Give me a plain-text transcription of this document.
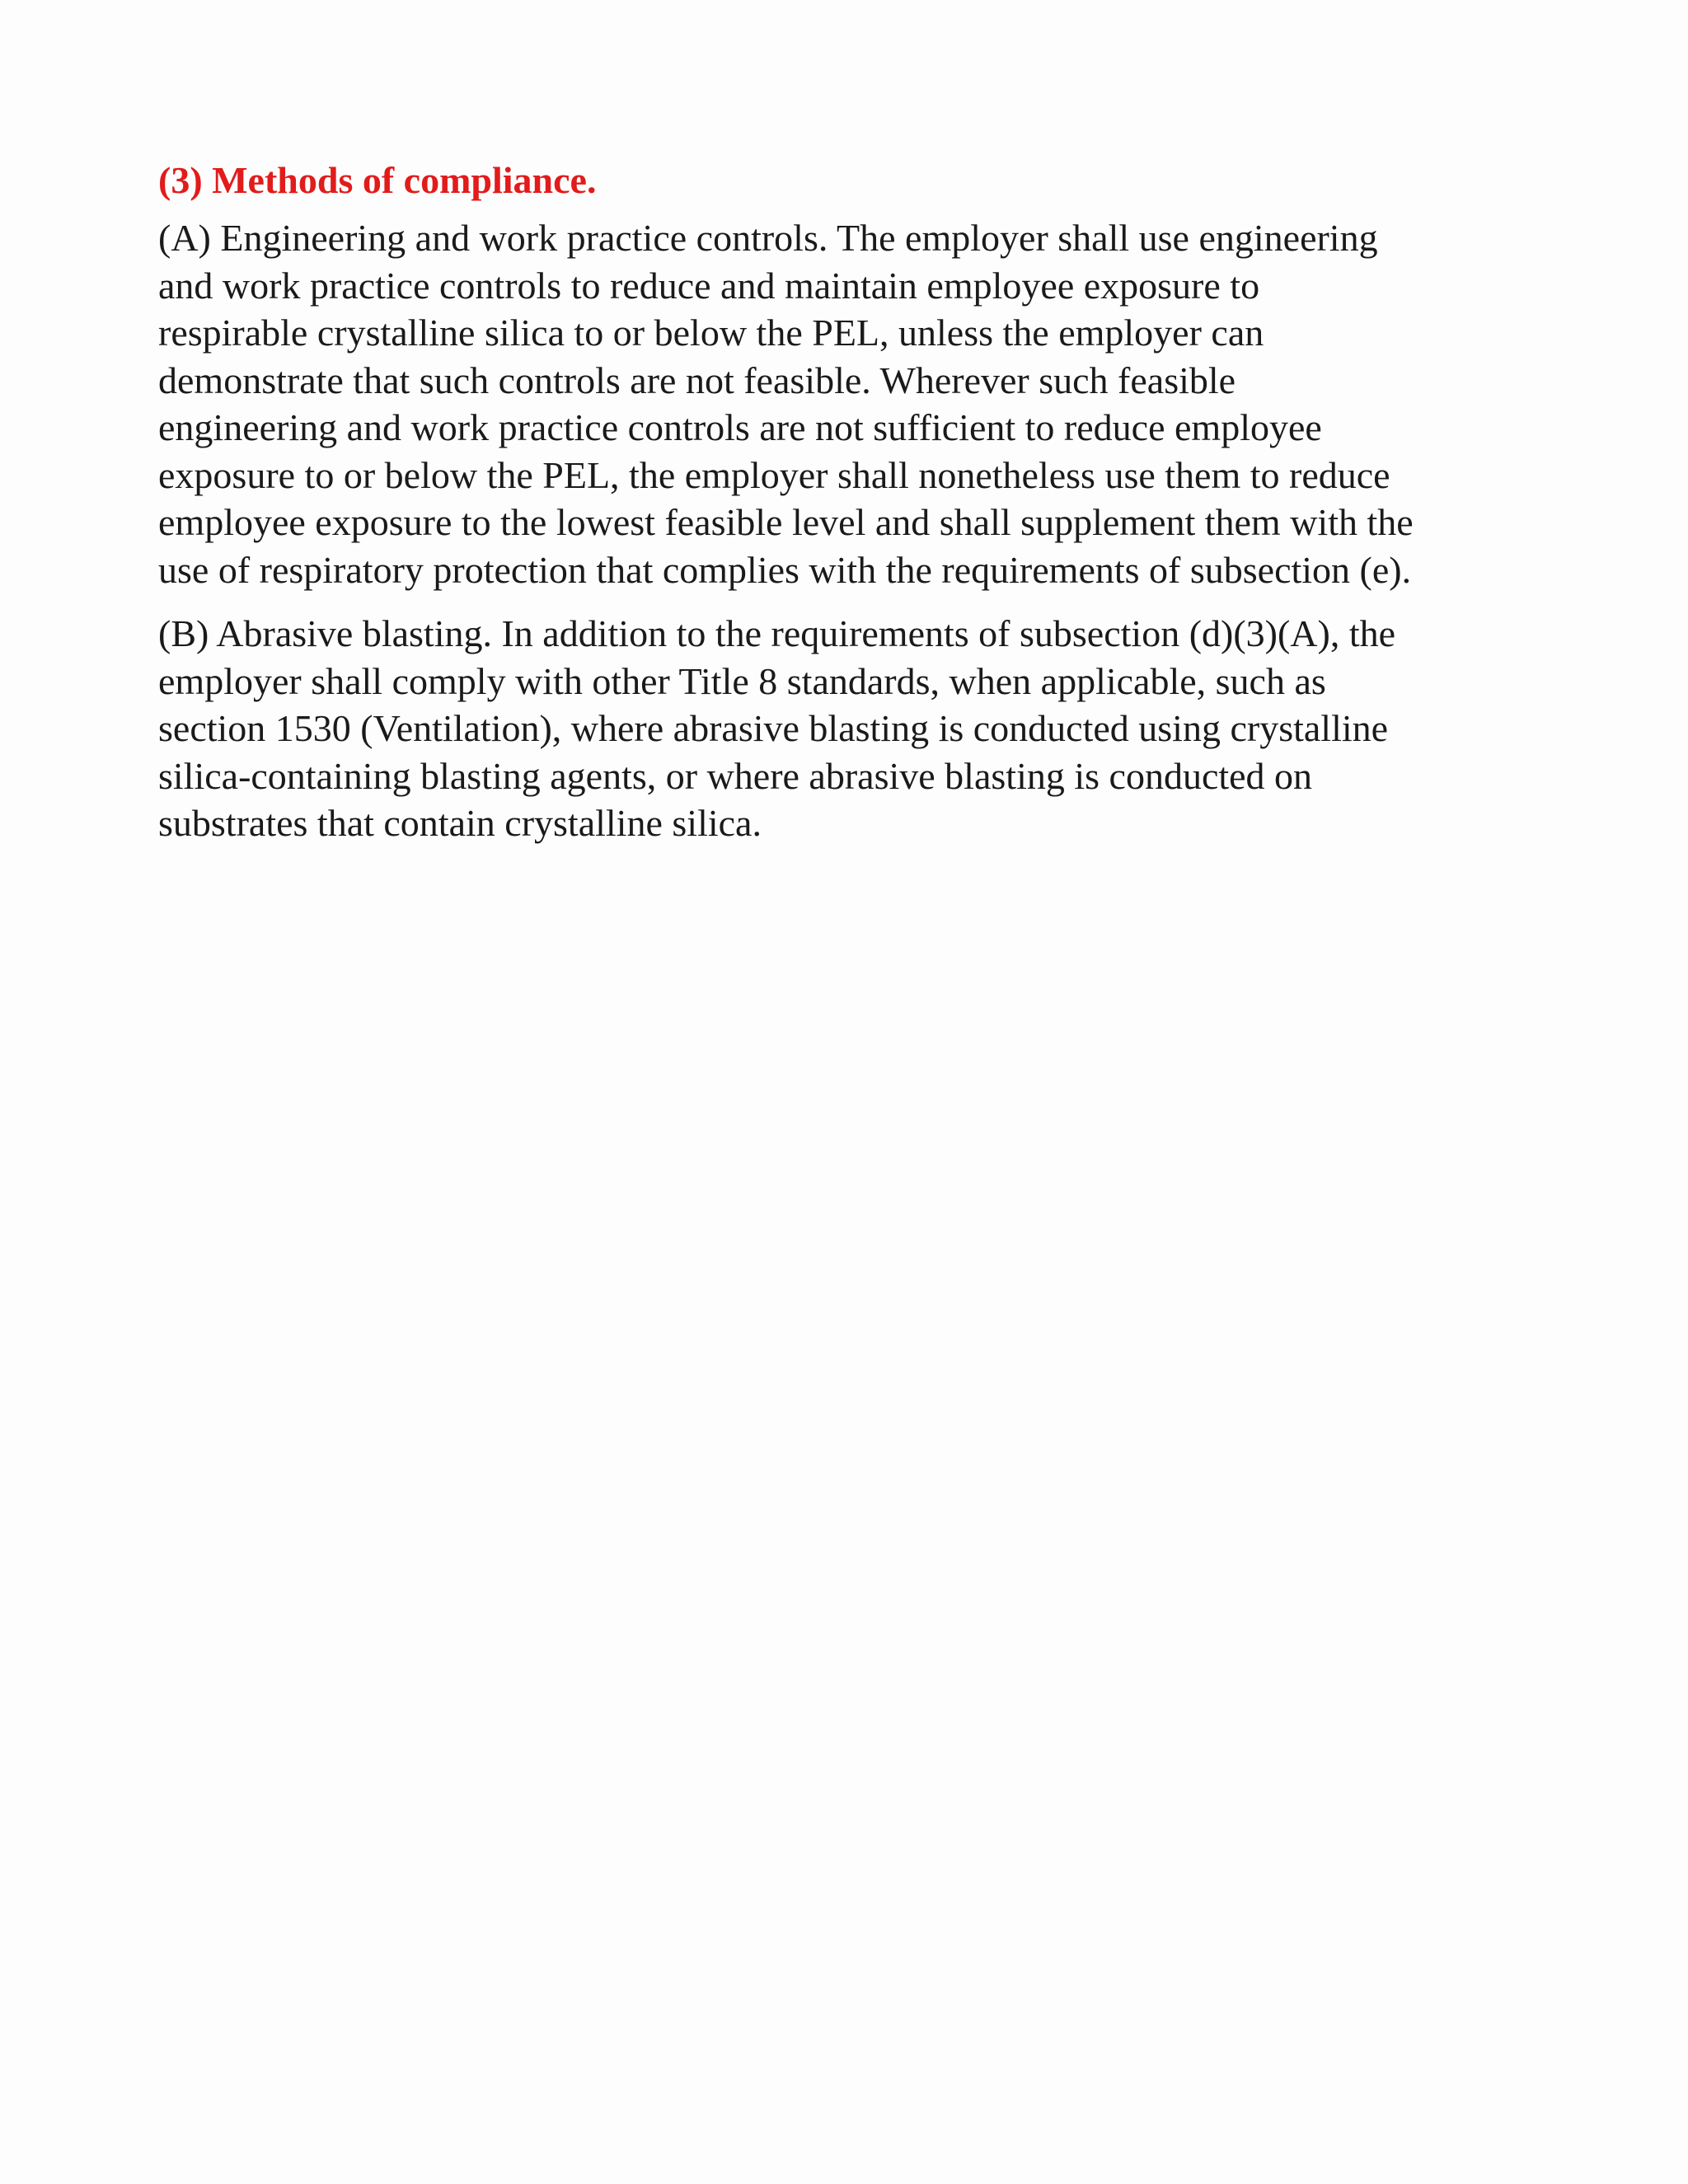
(3) Methods of compliance.

(A) Engineering and work practice controls. The employer shall use engineering
and work practice controls to reduce and maintain employee exposure to
respirable crystalline silica to or below the PEL, unless the employer can
demonstrate that such controls are not feasible. Wherever such feasible
engineering and work practice controls are not sufficient to reduce employee
exposure to or below the PEL, the employer shall nonetheless use them to reduce
employee exposure to the lowest feasible level and shall supplement them with the
use of respiratory protection that complies with the requirements of subsection (e).

(B) Abrasive blasting. In addition to the requirements of subsection (d)(3)(A), the
employer shall comply with other Title 8 standards, when applicable, such as
section 1530 (Ventilation), where abrasive blasting is conducted using crystalline
silica-containing blasting agents, or where abrasive blasting is conducted on
substrates that contain crystalline silica.
